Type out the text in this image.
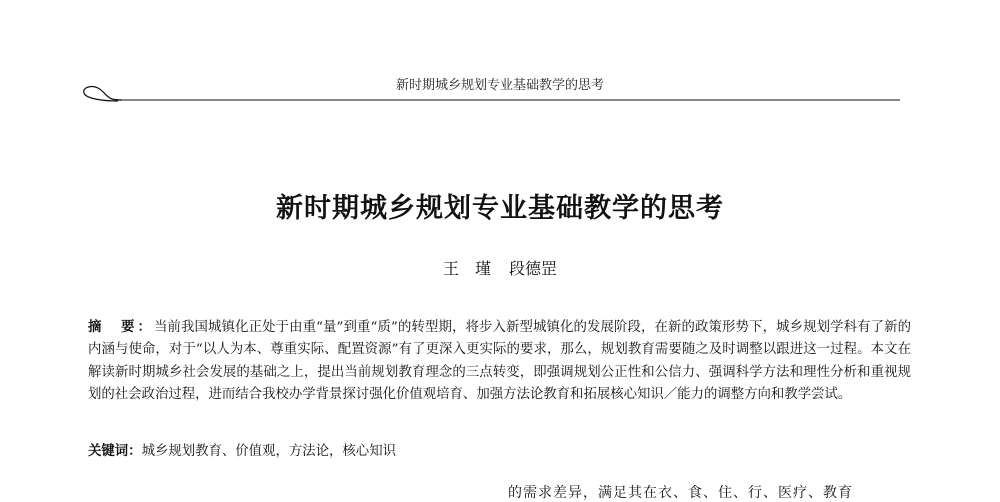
新时期城乡规划专业基础教学的思考
新时期城乡规划专业基础教学的思考
王　瑾 段德罡
摘　要：当前我国城镇化正处于由重“量”到重“质”的转型期，将步入新型城镇化的发展阶段，在新的政策形势下，城乡规划学科有了新的内涵与使命，对于“以人为本、尊重实际、配置资源”有了更深入更实际的要求，那么，规划教育需要随之及时调整以跟进这一过程。本文在解读新时期城乡社会发展的基础之上，提出当前规划教育理念的三点转变，即强调规划公正性和公信力、强调科学方法和理性分析和重视规划的社会政治过程，进而结合我校办学背景探讨强化价值观培育、加强方法论教育和拓展核心知识／能力的调整方向和教学尝试。
关键词：城乡规划教育、价值观，方法论，核心知识
的需求差异，满足其在衣、食、住、行、医疗、教育
